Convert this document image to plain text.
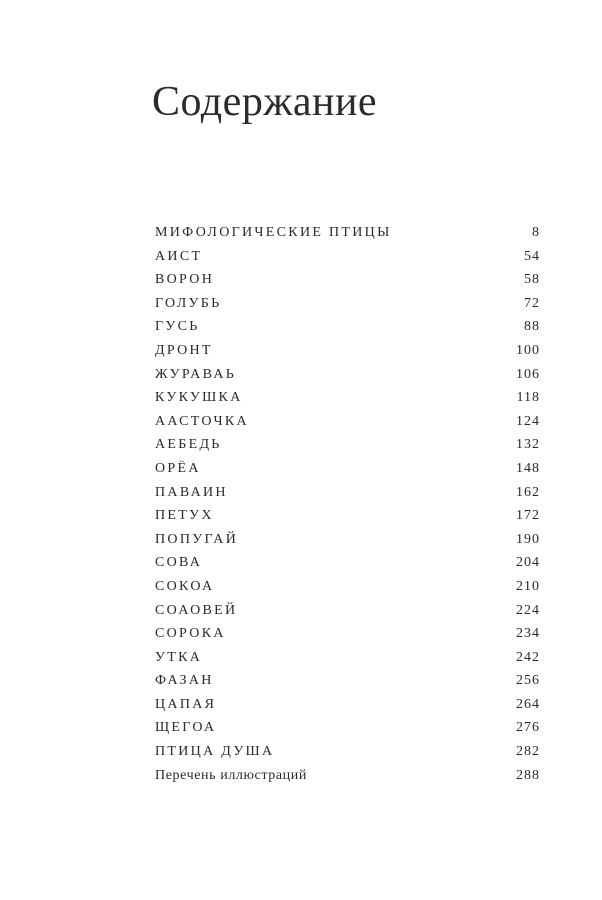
Содержание
МИФОЛОГИЧЕСКИЕ ПТИЦЫ	8
АИСТ	54
ВОРОН	58
ГОЛУБЬ	72
ГУСЬ	88
ДРОНТ	100
ЖУРАВАЬ	106
КУКУШКА	118
ААСТОЧКА	124
АЕБЕДЬ	132
ОРЁА	148
ПАВАИН	162
ПЕТУХ	172
ПОПУГАЙ	190
СОВА	204
СОКОА	210
СОАОВЕЙ	224
СОРОКА	234
УТКА	242
ФАЗАН	256
ЦАПАЯ	264
ЩЕГОА	276
ПТИЦА ДУША	282
Перечень иллюстраций	288
